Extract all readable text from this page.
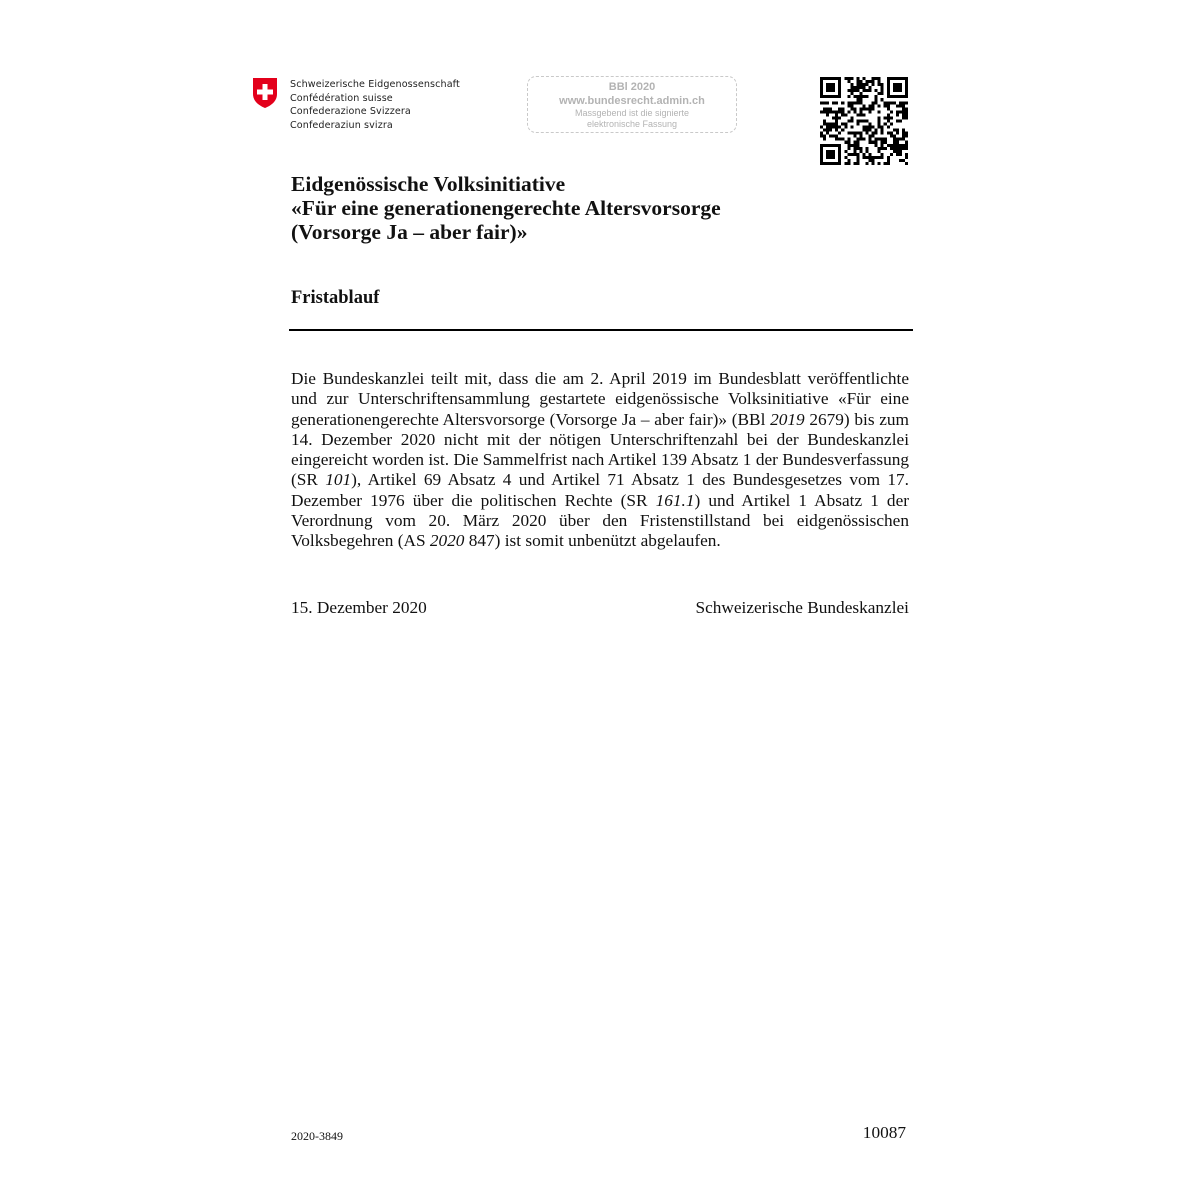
Schweizerische Eidgenossenschaft
Confédération suisse
Confederazione Svizzera
Confederaziun svizra
BBl 2020
www.bundesrecht.admin.ch
Massgebend ist die signierte
elektronische Fassung
Eidgenössische Volksinitiative
«Für eine generationengerechte Altersvorsorge
(Vorsorge Ja – aber fair)»
Fristablauf

Die Bundeskanzlei teilt mit, dass die am 2. April 2019 im Bundesblatt veröffentlichte und zur Unterschriftensammlung gestartete eidgenössische Volksinitiative «Für eine generationengerechte Altersvorsorge (Vorsorge Ja – aber fair)» (BBl 2019 2679) bis zum 14. Dezember 2020 nicht mit der nötigen Unterschriftenzahl bei der Bundeskanzlei eingereicht worden ist. Die Sammelfrist nach Artikel 139 Absatz 1 der Bundesverfassung (SR 101), Artikel 69 Absatz 4 und Artikel 71 Absatz 1 des Bundesgesetzes vom 17. Dezember 1976 über die politischen Rechte (SR 161.1) und Artikel 1 Absatz 1 der Verordnung vom 20. März 2020 über den Fristenstillstand bei eidgenössischen Volksbegehren (AS 2020 847) ist somit unbenützt abgelaufen.

15. Dezember 2020	Schweizerische Bundeskanzlei
2020-3849	10087
